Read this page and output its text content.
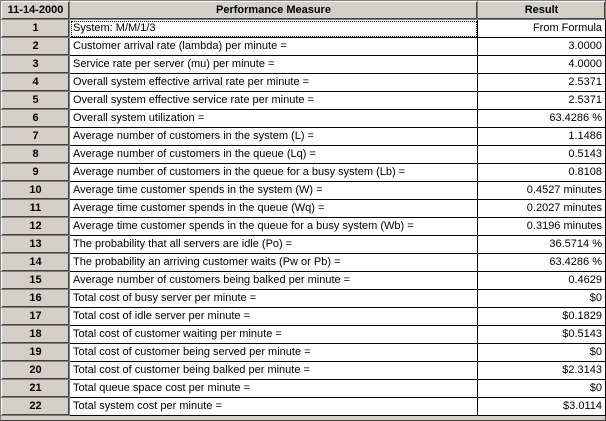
11-14-2000	Performance Measure	Result
1	System: M/M/1/3	From Formula
2	Customer arrival rate (lambda) per minute =	3.0000
3	Service rate per server (mu) per minute =	4.0000
4	Overall system effective arrival rate per minute =	2.5371
5	Overall system effective service rate per minute =	2.5371
6	Overall system utilization =	63.4286 %
7	Average number of customers in the system (L) =	1.1486
8	Average number of customers in the queue (Lq) =	0.5143
9	Average number of customers in the queue for a busy system (Lb) =	0.8108
10	Average time customer spends in the system (W) =	0.4527 minutes
11	Average time customer spends in the queue (Wq) =	0.2027 minutes
12	Average time customer spends in the queue for a busy system (Wb) =	0.3196 minutes
13	The probability that all servers are idle (Po) =	36.5714 %
14	The probability an arriving customer waits (Pw or Pb) =	63.4286 %
15	Average number of customers being balked per minute =	0.4629
16	Total cost of busy server per minute =	$0
17	Total cost of idle server per minute =	$0.1829
18	Total cost of customer waiting per minute =	$0.5143
19	Total cost of customer being served per minute =	$0
20	Total cost of customer being balked per minute =	$2.3143
21	Total queue space cost per minute =	$0
22	Total system cost per minute =	$3.0114
